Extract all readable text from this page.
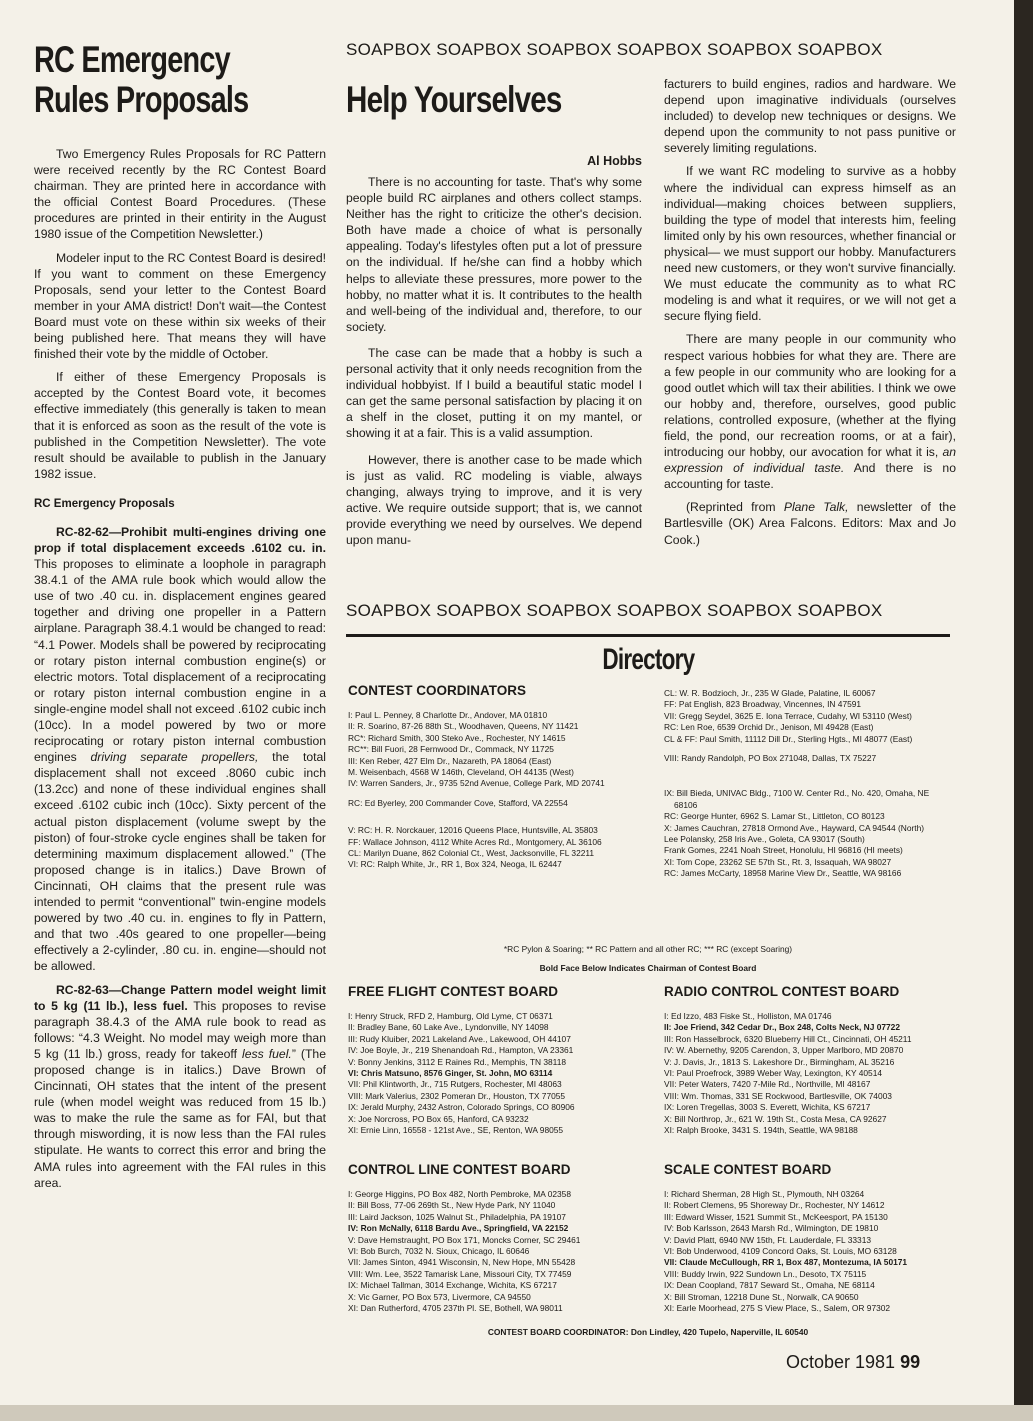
RC Emergency
Rules Proposals

Two Emergency Rules Proposals for RC Pattern were received recently by the RC Contest Board chairman. They are printed here in accordance with the official Contest Board Procedures. (These procedures are printed in their entirity in the August 1980 issue of the Competition Newsletter.)

Modeler input to the RC Contest Board is desired! If you want to comment on these Emergency Proposals, send your letter to the Contest Board member in your AMA district! Don't wait—the Contest Board must vote on these within six weeks of their being published here. That means they will have finished their vote by the middle of October.

If either of these Emergency Proposals is accepted by the Contest Board vote, it becomes effective immediately (this generally is taken to mean that it is enforced as soon as the result of the vote is published in the Competition Newsletter). The vote result should be available to publish in the January 1982 issue.

RC Emergency Proposals

RC-82-62—Prohibit multi-engines driving one prop if total displacement exceeds .6102 cu. in. This proposes to eliminate a loophole in paragraph 38.4.1 of the AMA rule book which would allow the use of two .40 cu. in. displacement engines geared together and driving one propeller in a Pattern airplane. Paragraph 38.4.1 would be changed to read: “4.1 Power. Models shall be powered by reciprocating or rotary piston internal combustion engine(s) or electric motors. Total displacement of a reciprocating or rotary piston internal combustion engine in a single-engine model shall not exceed .6102 cubic inch (10cc). In a model powered by two or more reciprocating or rotary piston internal combustion engines driving separate propellers, the total displacement shall not exceed .8060 cubic inch (13.2cc) and none of these individual engines shall exceed .6102 cubic inch (10cc). Sixty percent of the actual piston displacement (volume swept by the piston) of four-stroke cycle engines shall be taken for determining maximum displacement allowed.” (The proposed change is in italics.) Dave Brown of Cincinnati, OH claims that the present rule was intended to permit “conventional” twin-engine models powered by two .40 cu. in. engines to fly in Pattern, and that two .40s geared to one propeller—being effectively a 2-cylinder, .80 cu. in. engine—should not be allowed.

RC-82-63—Change Pattern model weight limit to 5 kg (11 lb.), less fuel. This proposes to revise paragraph 38.4.3 of the AMA rule book to read as follows: “4.3 Weight. No model may weigh more than 5 kg (11 lb.) gross, ready for takeoff less fuel.” (The proposed change is in italics.) Dave Brown of Cincinnati, OH states that the intent of the present rule (when model weight was reduced from 15 lb.) was to make the rule the same as for FAI, but that through miswording, it is now less than the FAI rules stipulate. He wants to correct this error and bring the AMA rules into agreement with the FAI rules in this area.

SOAPBOX SOAPBOX SOAPBOX SOAPBOX SOAPBOX SOAPBOX
Help Yourselves
Al Hobbs

There is no accounting for taste. That's why some people build RC airplanes and others collect stamps. Neither has the right to criticize the other's decision. Both have made a choice of what is personally appealing. Today's lifestyles often put a lot of pressure on the individual. If he/she can find a hobby which helps to alleviate these pressures, more power to the hobby, no matter what it is. It contributes to the health and well-being of the individual and, therefore, to our society.

The case can be made that a hobby is such a personal activity that it only needs recognition from the individual hobbyist. If I build a beautiful static model I can get the same personal satisfaction by placing it on a shelf in the closet, putting it on my mantel, or showing it at a fair. This is a valid assumption.

However, there is another case to be made which is just as valid. RC modeling is viable, always changing, always trying to improve, and it is very active. We require outside support; that is, we cannot provide everything we need by ourselves. We depend upon manu-

facturers to build engines, radios and hardware. We depend upon imaginative individuals (ourselves included) to develop new techniques or designs. We depend upon the community to not pass punitive or severely limiting regulations.

If we want RC modeling to survive as a hobby where the individual can express himself as an individual—making choices between suppliers, building the type of model that interests him, feeling limited only by his own resources, whether financial or physical— we must support our hobby. Manufacturers need new customers, or they won't survive financially. We must educate the community as to what RC modeling is and what it requires, or we will not get a secure flying field.

There are many people in our community who respect various hobbies for what they are. There are a few people in our community who are looking for a good outlet which will tax their abilities. I think we owe our hobby and, therefore, ourselves, good public relations, controlled exposure, (whether at the flying field, the pond, our recreation rooms, or at a fair), introducing our hobby, our avocation for what it is, an expression of individual taste. And there is no accounting for taste.

(Reprinted from Plane Talk, newsletter of the Bartlesville (OK) Area Falcons. Editors: Max and Jo Cook.)

SOAPBOX SOAPBOX SOAPBOX SOAPBOX SOAPBOX SOAPBOX
Directory
CONTEST COORDINATORS
I: Paul L. Penney, 8 Charlotte Dr., Andover, MA 01810
II: R. Soarino, 87-26 88th St., Woodhaven, Queens, NY 11421
RC*: Richard Smith, 300 Steko Ave., Rochester, NY 14615
RC**: Bill Fuori, 28 Fernwood Dr., Commack, NY 11725
III: Ken Reber, 427 Elm Dr., Nazareth, PA 18064 (East)
M. Weisenbach, 4568 W 146th, Cleveland, OH 44135 (West)
IV: Warren Sanders, Jr., 9735 52nd Avenue, College Park, MD 20741
RC: Ed Byerley, 200 Commander Cove, Stafford, VA 22554
V: RC: H. R. Norckauer, 12016 Queens Place, Huntsville, AL 35803
FF: Wallace Johnson, 4112 White Acres Rd., Montgomery, AL 36106
CL: Marilyn Duane, 862 Colonial Ct., West, Jacksonville, FL 32211
VI: RC: Ralph White, Jr., RR 1, Box 324, Neoga, IL 62447
CL: W. R. Bodzioch, Jr., 235 W Glade, Palatine, IL 60067
FF: Pat English, 823 Broadway, Vincennes, IN 47591
VII: Gregg Seydel, 3625 E. Iona Terrace, Cudahy, WI 53110 (West)
RC: Len Roe, 6539 Orchid Dr., Jenison, MI 49428 (East)
CL & FF: Paul Smith, 11112 Dill Dr., Sterling Hgts., MI 48077 (East)
VIII: Randy Randolph, PO Box 271048, Dallas, TX 75227
IX: Bill Bieda, UNIVAC Bldg., 7100 W. Center Rd., No. 420, Omaha, NE 68106
RC: George Hunter, 6962 S. Lamar St., Littleton, CO 80123
X: James Cauchran, 27818 Ormond Ave., Hayward, CA 94544 (North)
Lee Polansky, 258 Iris Ave., Goleta, CA 93017 (South)
Frank Gomes, 2241 Noah Street, Honolulu, HI 96816 (HI meets)
XI: Tom Cope, 23262 SE 57th St., Rt. 3, Issaquah, WA 98027
RC: James McCarty, 18958 Marine View Dr., Seattle, WA 98166
*RC Pylon & Soaring; ** RC Pattern and all other RC; *** RC (except Soaring)
Bold Face Below Indicates Chairman of Contest Board
FREE FLIGHT CONTEST BOARD
I: Henry Struck, RFD 2, Hamburg, Old Lyme, CT 06371
II: Bradley Bane, 60 Lake Ave., Lyndonville, NY 14098
III: Rudy Kluiber, 2021 Lakeland Ave., Lakewood, OH 44107
IV: Joe Boyle, Jr., 219 Shenandoah Rd., Hampton, VA 23361
V: Bonny Jenkins, 3112 E Raines Rd., Memphis, TN 38118
VI: Chris Matsuno, 8576 Ginger, St. John, MO 63114
VII: Phil Klintworth, Jr., 715 Rutgers, Rochester, MI 48063
VIII: Mark Valerius, 2302 Pomeran Dr., Houston, TX 77055
IX: Jerald Murphy, 2432 Astron, Colorado Springs, CO 80906
X: Joe Norcross, PO Box 65, Hanford, CA 93232
XI: Ernie Linn, 16558 - 121st Ave., SE, Renton, WA 98055
RADIO CONTROL CONTEST BOARD
I: Ed Izzo, 483 Fiske St., Holliston, MA 01746
II: Joe Friend, 342 Cedar Dr., Box 248, Colts Neck, NJ 07722
III: Ron Hasselbrock, 6320 Blueberry Hill Ct., Cincinnati, OH 45211
IV: W. Abernethy, 9205 Carendon, 3, Upper Marlboro, MD 20870
V: J. Davis, Jr., 1813 S. Lakeshore Dr., Birmingham, AL 35216
VI: Paul Proefrock, 3989 Weber Way, Lexington, KY 40514
VII: Peter Waters, 7420 7-Mile Rd., Northville, MI 48167
VIII: Wm. Thomas, 331 SE Rockwood, Bartlesville, OK 74003
IX: Loren Tregellas, 3003 S. Everett, Wichita, KS 67217
X: Bill Northrop, Jr., 621 W. 19th St., Costa Mesa, CA 92627
XI: Ralph Brooke, 3431 S. 194th, Seattle, WA 98188
CONTROL LINE CONTEST BOARD
I: George Higgins, PO Box 482, North Pembroke, MA 02358
II: Bill Boss, 77-06 269th St., New Hyde Park, NY 11040
III: Laird Jackson, 1025 Walnut St., Philadelphia, PA 19107
IV: Ron McNally, 6118 Bardu Ave., Springfield, VA 22152
V: Dave Hemstraught, PO Box 171, Moncks Corner, SC 29461
VI: Bob Burch, 7032 N. Sioux, Chicago, IL 60646
VII: James Sinton, 4941 Wisconsin, N, New Hope, MN 55428
VIII: Wm. Lee, 3522 Tamarisk Lane, Missouri City, TX 77459
IX: Michael Tallman, 3014 Exchange, Wichita, KS 67217
X: Vic Garner, PO Box 573, Livermore, CA 94550
XI: Dan Rutherford, 4705 237th Pl. SE, Bothell, WA 98011
SCALE CONTEST BOARD
I: Richard Sherman, 28 High St., Plymouth, NH 03264
II: Robert Clemens, 95 Shoreway Dr., Rochester, NY 14612
III: Edward Wisser, 1521 Summit St., McKeesport, PA 15130
IV: Bob Karlsson, 2643 Marsh Rd., Wilmington, DE 19810
V: David Platt, 6940 NW 15th, Ft. Lauderdale, FL 33313
VI: Bob Underwood, 4109 Concord Oaks, St. Louis, MO 63128
VII: Claude McCullough, RR 1, Box 487, Montezuma, IA 50171
VIII: Buddy Irwin, 922 Sundown Ln., Desoto, TX 75115
IX: Dean Coopland, 7817 Seward St., Omaha, NE 68114
X: Bill Stroman, 12218 Dune St., Norwalk, CA 90650
XI: Earle Moorhead, 275 S View Place, S., Salem, OR 97302
CONTEST BOARD COORDINATOR: Don Lindley, 420 Tupelo, Naperville, IL 60540
October 1981 99
